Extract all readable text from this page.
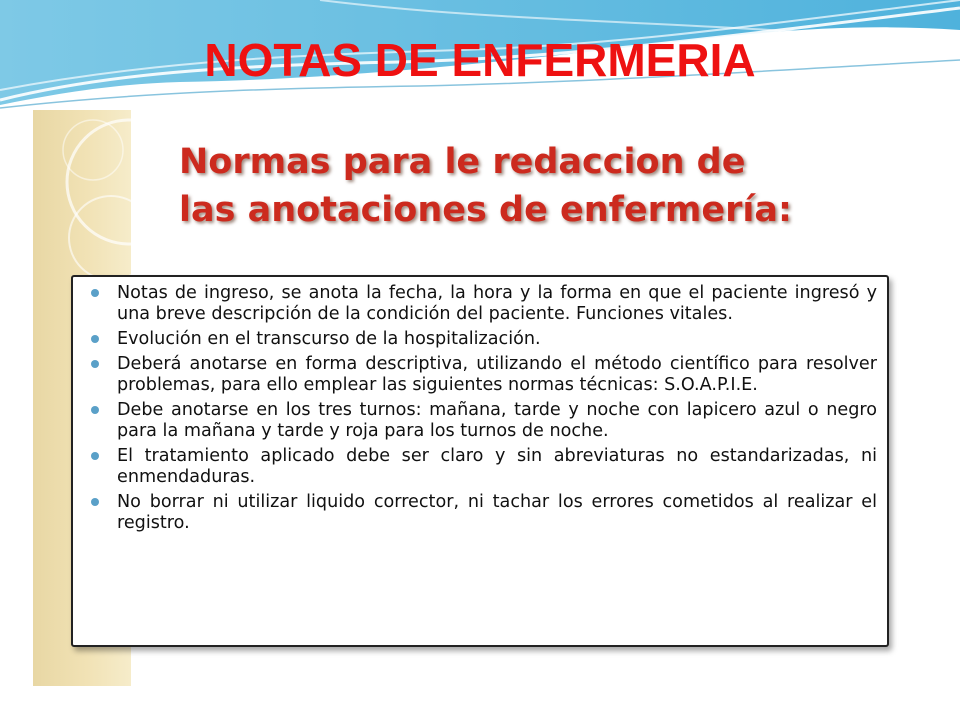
NOTAS DE ENFERMERIA
Normas para le redaccion de
las anotaciones de enfermería:
Notas de ingreso, se anota la fecha, la hora y la forma en que el paciente ingresó y una breve descripción de la condición del paciente. Funciones vitales.
Evolución en el transcurso de la hospitalización.
Deberá anotarse en forma descriptiva, utilizando el método científico para resolver problemas, para ello emplear las siguientes normas técnicas: S.O.A.P.I.E.
Debe anotarse en los tres turnos: mañana, tarde y noche con lapicero azul o negro para la mañana y tarde y roja para los turnos de noche.
El tratamiento aplicado debe ser claro y sin abreviaturas no estandarizadas, ni enmendaduras.
No borrar ni utilizar liquido corrector, ni tachar los errores cometidos al realizar el registro.
